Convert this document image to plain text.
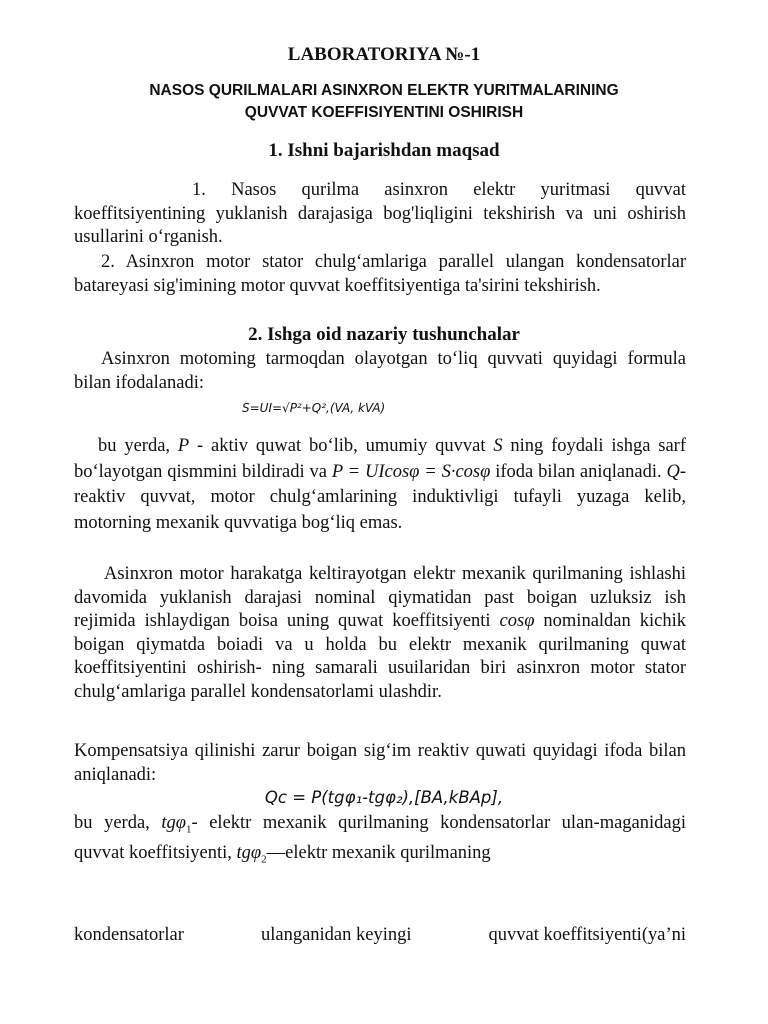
LABORATORIYA №-1
NASOS QURILMALARI ASINXRON ELEKTR YURITMALARINING
QUVVAT KOEFFISIYENTINI OSHIRISH
1. Ishni bajarishdan maqsad
1. Nasos qurilma asinxron elektr yuritmasi quvvat koeffitsiyentining yuklanish darajasiga bog'liqligini tekshirish va uni oshirish usullarini o‘rganish.
2. Asinxron motor stator chulg‘amlariga parallel ulangan kondensatorlar batareyasi sig'imining motor quvvat koeffitsiyentiga ta'sirini tekshirish.
2. Ishga oid nazariy tushunchalar
Asinxron motoming tarmoqdan olayotgan to‘liq quvvati quyidagi formula bilan ifodalanadi:
S=UI=√P²+Q²,(VA, kVA)
bu yerda, P - aktiv quwat bo‘lib, umumiy quvvat S ning foydali ishga sarf bo‘layotgan qismmini bildiradi va P = UIcosφ = S·cosφ ifoda bilan aniqlanadi. Q-reaktiv quvvat, motor chulg‘amlarining induktivligi tufayli yuzaga kelib, motorning mexanik quvvatiga bog‘liq emas.
Asinxron motor harakatga keltirayotgan elektr mexanik qurilmaning ishlashi davomida yuklanish darajasi nominal qiymatidan past boigan uzluksiz ish rejimida ishlaydigan boisa uning quwat koeffitsiyenti cosφ nominaldan kichik boigan qiymatda boiadi va u holda bu elektr mexanik qurilmaning quwat koeffitsiyentini oshirish- ning samarali usuilaridan biri asinxron motor stator chulg‘amlariga parallel kondensatorlami ulashdir.
Kompensatsiya qilinishi zarur boigan sig‘im reaktiv quwati quyidagi ifoda bilan aniqlanadi:
Qc = P(tgφ₁-tgφ₂),[BA,kBAp],
bu yerda, tgφ$_1$- elektr mexanik qurilmaning kondensatorlar ulan-maganidagi quvvat koeffitsiyenti, tgφ$_2$—elektr mexanik qurilmaning
kondensatorlar	ulanganidan keyingi	quvvat koeffitsiyenti(ya’ni
